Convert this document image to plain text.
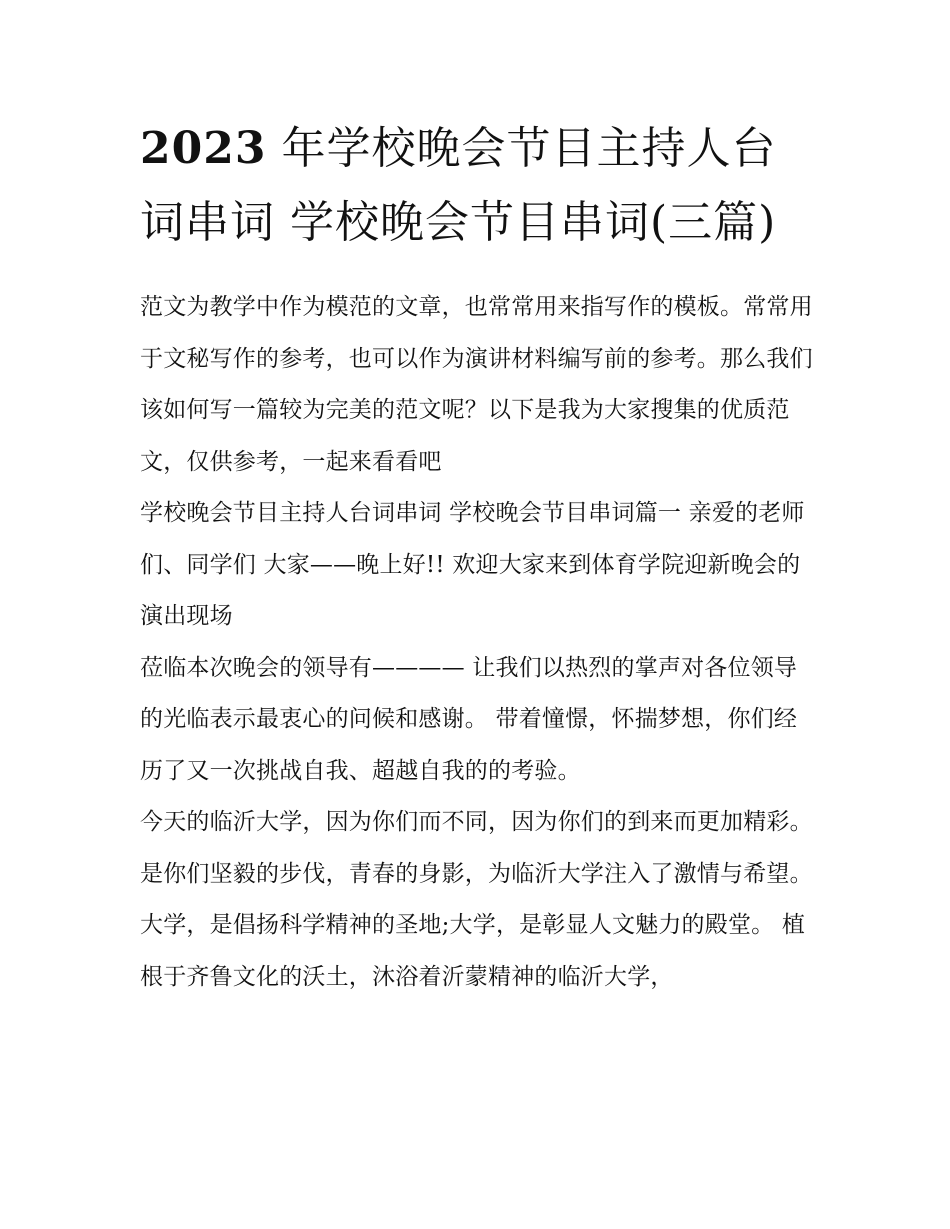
2023 年学校晚会节目主持人台词串词 学校晚会节目串词(三篇)

范文为教学中作为模范的文章，也常常用来指写作的模板。常常用于文秘写作的参考，也可以作为演讲材料编写前的参考。那么我们该如何写一篇较为完美的范文呢？以下是我为大家搜集的优质范文，仅供参考，一起来看看吧

学校晚会节目主持人台词串词 学校晚会节目串词篇一 亲爱的老师们、同学们 大家——晚上好!! 欢迎大家来到体育学院迎新晚会的演出现场

莅临本次晚会的领导有———— 让我们以热烈的掌声对各位领导的光临表示最衷心的问候和感谢。 带着憧憬，怀揣梦想，你们经历了又一次挑战自我、超越自我的的考验。

今天的临沂大学，因为你们而不同，因为你们的到来而更加精彩。 是你们坚毅的步伐，青春的身影，为临沂大学注入了激情与希望。

大学，是倡扬科学精神的圣地;大学，是彰显人文魅力的殿堂。 植根于齐鲁文化的沃土，沐浴着沂蒙精神的临沂大学，
